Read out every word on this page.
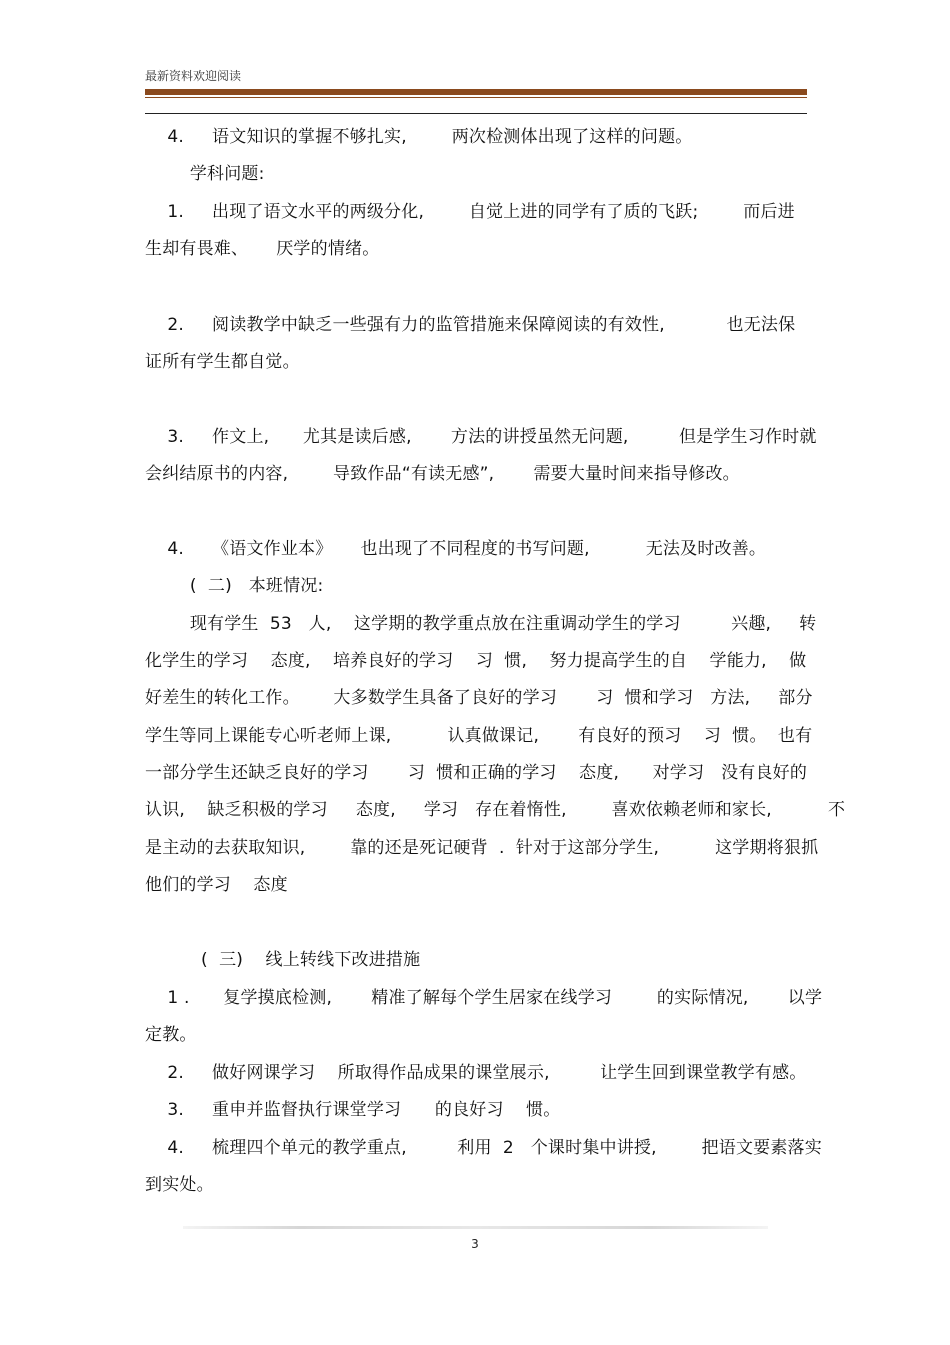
最新资料欢迎阅读
4.     语文知识的掌握不够扎实,        两次检测体出现了这样的问题。
学科问题:
1.     出现了语文水平的两级分化,        自觉上进的同学有了质的飞跃;        而后进
生却有畏难、     厌学的情绪。
2.     阅读教学中缺乏一些强有力的监管措施来保障阅读的有效性,           也无法保
证所有学生都自觉。
3.     作文上,      尤其是读后感,       方法的讲授虽然无问题,         但是学生习作时就
会纠结原书的内容,        导致作品“有读无感”,       需要大量时间来指导修改。
4.     《语文作业本》     也出现了不同程度的书写问题,          无法及时改善。
(  二)   本班情况:
现有学生  53   人,    这学期的教学重点放在注重调动学生的学习         兴趣,     转
化学生的学习    态度,    培养良好的学习    习  惯,    努力提高学生的自    学能力,    做
好差生的转化工作。      大多数学生具备了良好的学习       习  惯和学习   方法,     部分
学生等同上课能专心听老师上课,          认真做课记,       有良好的预习    习  惯。  也有
一部分学生还缺乏良好的学习       习  惯和正确的学习    态度,      对学习   没有良好的
认识,    缺乏积极的学习     态度,     学习   存在着惰性,        喜欢依赖老师和家长,          不
是主动的去获取知识,        靠的还是死记硬背  .  针对于这部分学生,          这学期将狠抓
他们的学习    态度
(  三)    线上转线下改进措施
1 .      复学摸底检测,       精准了解每个学生居家在线学习        的实际情况,       以学
定教。
2.     做好网课学习    所取得作品成果的课堂展示,         让学生回到课堂教学有感。
3.     重申并监督执行课堂学习      的良好习    惯。
4.     梳理四个单元的教学重点,         利用  2   个课时集中讲授,        把语文要素落实
到实处。
3
